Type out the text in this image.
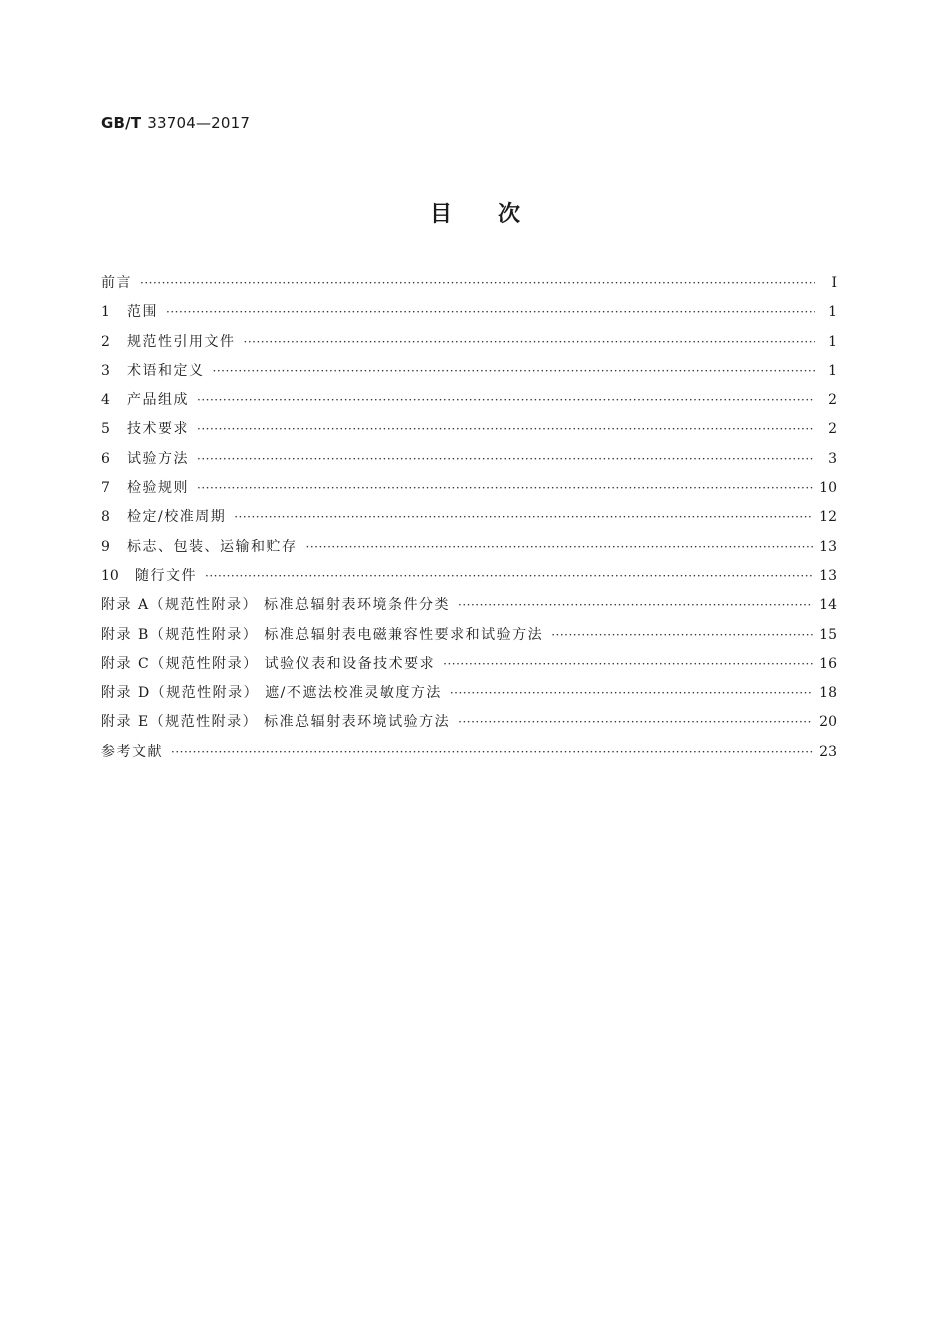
GB/T 33704—2017
目次
前言 ·····	I
1	范围 ·····	1
2	规范性引用文件 ·····	1
3	术语和定义 ·····	1
4	产品组成 ·····	2
5	技术要求 ·····	2
6	试验方法 ·····	3
7	检验规则 ·····	10
8	检定/校准周期 ·····	12
9	标志、包装、运输和贮存 ·····	13
10	随行文件 ·····	13
附录 A（规范性附录） 标准总辐射表环境条件分类 ·····	14
附录 B（规范性附录） 标准总辐射表电磁兼容性要求和试验方法 ·····	15
附录 C（规范性附录） 试验仪表和设备技术要求 ·····	16
附录 D（规范性附录） 遮/不遮法校准灵敏度方法 ·····	18
附录 E（规范性附录） 标准总辐射表环境试验方法 ·····	20
参考文献 ·····	23
